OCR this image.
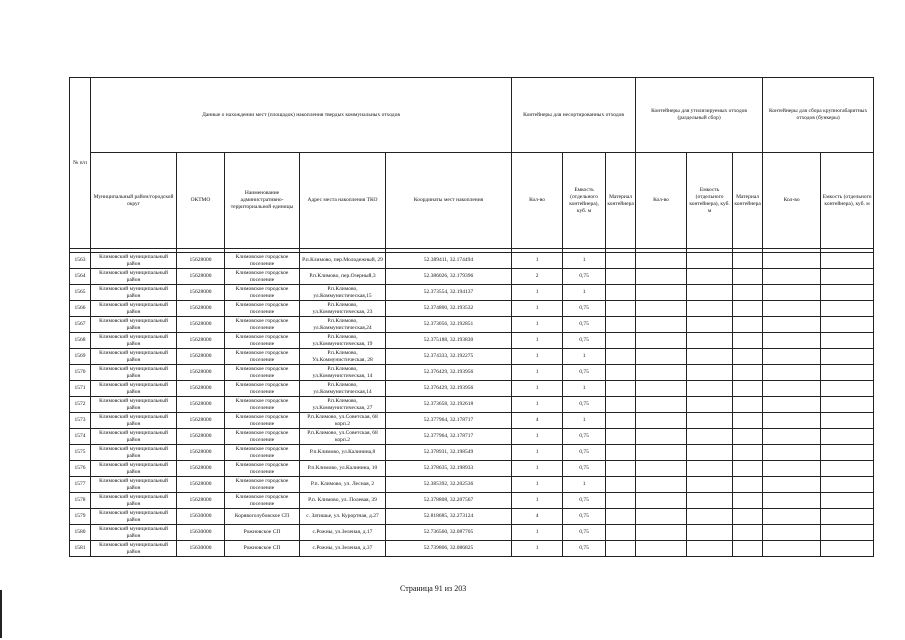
№ п/п	Данные о нахождении мест (площадок) накопления твердых коммунальных отходов					Контейнеры для несортированных отходов			Контейнеры для утилизируемых отходов (раздельный сбор)			Контейнеры для сбора крупногабаритных отходов (бункеры)		
	Муниципальный район/городской округ	ОКТМО	Наименование административно-территориальной единицы	Адрес места накопления ТКО	Координаты мест накопления	Кол-во	Емкость (отдельного контейнера), куб. м	Материал контейнера	Кол-во	Емкость (отдельного контейнера), куб. м	Материал контейнера	Кол-во	Емкость (отдельного контейнера), куб. м	

1563	Климовский муниципальный район	15628000	Климовское городское поселение	Р.п.Климово, пер.Молодежный, 29	52.389411, 32.174494	1	1							
1564	Климовский муниципальный район	15628000	Климовское городское поселение	Р.п.Климово, пер.Озерный,3	52.386026, 32.179396	2	0,75							
1565	Климовский муниципальный район	15628000	Климовское городское поселение	Р.п.Климово, ул.Коммунистическая,15	52.373554, 32.194137	1	1							
1566	Климовский муниципальный район	15628000	Климовское городское поселение	Р.п.Климово, ул.Коммунистическая, 23	52.374800, 32.193532	1	0,75							
1567	Климовский муниципальный район	15628000	Климовское городское поселение	Р.п.Климово, ул.Коммунистическая,24	52.373056, 32.192851	1	0,75							
1568	Климовский муниципальный район	15628000	Климовское городское поселение	Р.п.Климово, ул.Коммунистическая, 19	52.375188, 32.193830	1	0,75							
1569	Климовский муниципальный район	15628000	Климовское городское поселение	Р.п.Климово, Ул.Коммунистическая, 28	52.374333, 32.192275	1	1							
1570	Климовский муниципальный район	15628000	Климовское городское поселение	Р.п.Климово, ул.Коммунистическая, 14	52.376429, 32.193956	1	0,75							
1571	Климовский муниципальный район	15628000	Климовское городское поселение	Р.п.Климово, ул.Коммунистическая,14	52.376429, 32.193956	1	1							
1572	Климовский муниципальный район	15628000	Климовское городское поселение	Р.п.Климово, ул.Коммунистическая, 27	52.373658, 32.192618	1	0,75							
1573	Климовский муниципальный район	15628000	Климовское городское поселение	Р.п.Климово, ул.Советская, 68 корп.2	52.377964, 32.178717	4	1							
1574	Климовский муниципальный район	15628000	Климовское городское поселение	Р.п.Климово, ул.Советская, 68 корп.2	52.377964, 32.178717	1	0,75							
1575	Климовский муниципальный район	15628000	Климовское городское поселение	Р.п.Климово, ул.Калинина,8	52.378931, 32.198549	1	0,75							
1576	Климовский муниципальный район	15628000	Климовское городское поселение	Р.п.Климово, ул.Калинина, 10	52.378635, 32.198933	1	0,75							
1577	Климовский муниципальный район	15628000	Климовское городское поселение	Р.п. Климово, ул. Лесная, 2	52.385392, 32.202536	1	1							
1578	Климовский муниципальный район	15628000	Климовское городское поселение	Р.п. Климово, ул. Полевая, 39	52.378808, 32.207567	1	0,75							
1579	Климовский муниципальный район	15630000	Корявоголубовское СП	с. Затишье, ул. Курортная, д.27	52.818685, 32.273124	4	0,75							
1580	Климовский муниципальный район	15630000	Рожновское СП	с.Рожны, ул.Зеленая, д.17	52.736560, 32.087705	1	0,75							
1581	Климовский муниципальный район	15630000	Рожновское СП	с.Рожны, ул.Зеленая, д.37	52.739806, 32.086825	1	0,75							
Страница 91 из 203
